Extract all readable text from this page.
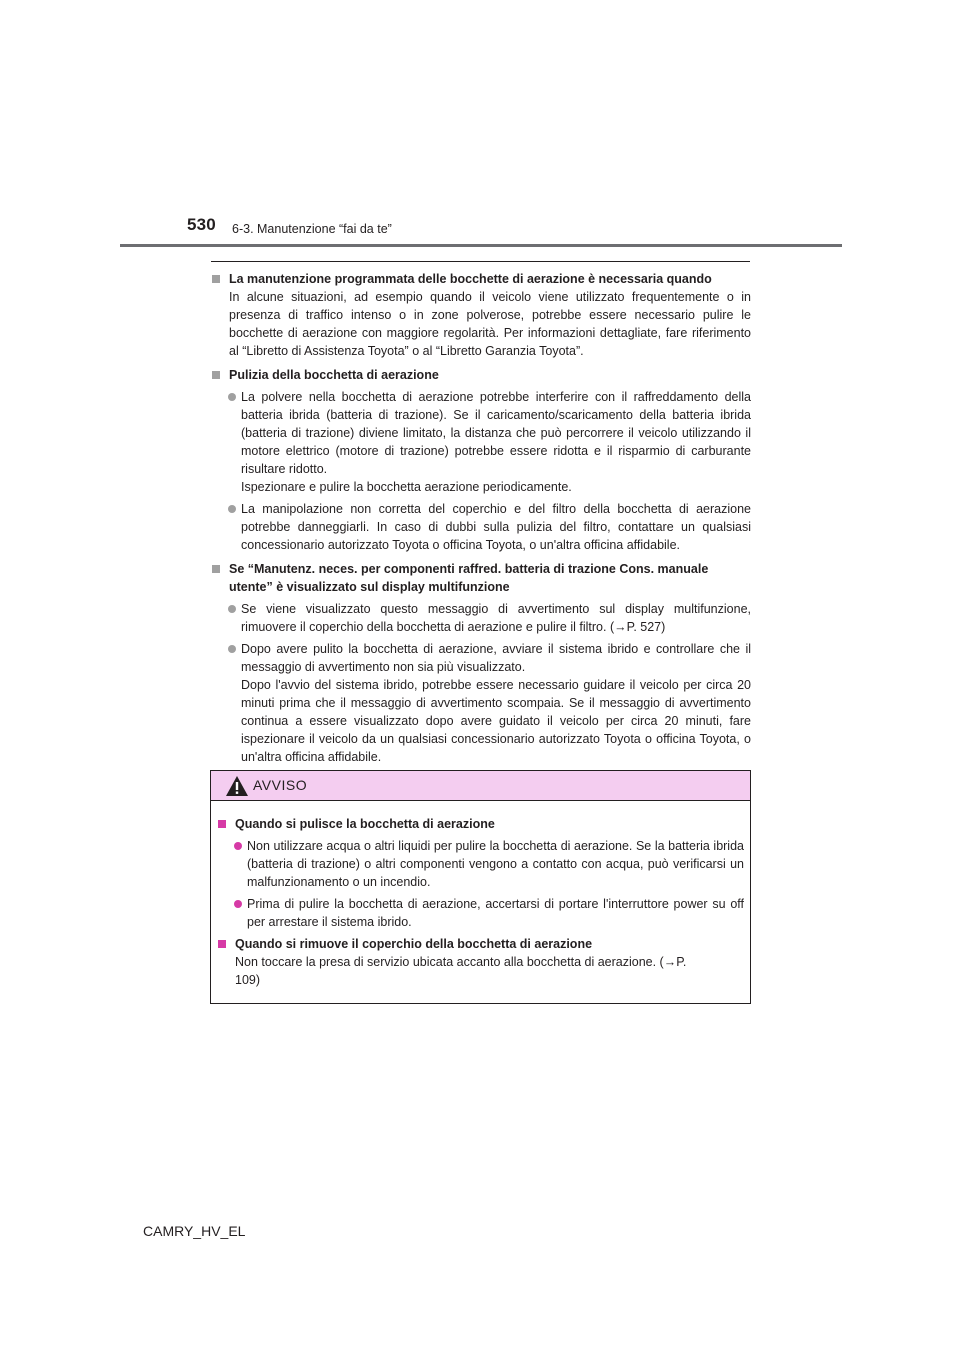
530 6-3. Manutenzione “fai da te”
La manutenzione programmata delle bocchette di aerazione è necessaria quando
In alcune situazioni, ad esempio quando il veicolo viene utilizzato frequentemente o in presenza di traffico intenso o in zone polverose, potrebbe essere necessario pulire le bocchette di aerazione con maggiore regolarità. Per informazioni dettagliate, fare riferimento al “Libretto di Assistenza Toyota” o al “Libretto Garanzia Toyota”.
Pulizia della bocchetta di aerazione
La polvere nella bocchetta di aerazione potrebbe interferire con il raffreddamento della batteria ibrida (batteria di trazione). Se il caricamento/scaricamento della batteria ibrida (batteria di trazione) diviene limitato, la distanza che può percorrere il veicolo utilizzando il motore elettrico (motore di trazione) potrebbe essere ridotta e il risparmio di carburante risultare ridotto.
Ispezionare e pulire la bocchetta aerazione periodicamente.
La manipolazione non corretta del coperchio e del filtro della bocchetta di aerazione potrebbe danneggiarli. In caso di dubbi sulla pulizia del filtro, contattare un qualsiasi concessionario autorizzato Toyota o officina Toyota, o un'altra officina affidabile.
Se “Manutenz. neces. per componenti raffred. batteria di trazione Cons. manuale utente” è visualizzato sul display multifunzione
Se viene visualizzato questo messaggio di avvertimento sul display multifunzione, rimuovere il coperchio della bocchetta di aerazione e pulire il filtro. (→P. 527)
Dopo avere pulito la bocchetta di aerazione, avviare il sistema ibrido e controllare che il messaggio di avvertimento non sia più visualizzato.
Dopo l'avvio del sistema ibrido, potrebbe essere necessario guidare il veicolo per circa 20 minuti prima che il messaggio di avvertimento scompaia. Se il messaggio di avvertimento continua a essere visualizzato dopo avere guidato il veicolo per circa 20 minuti, fare ispezionare il veicolo da un qualsiasi concessionario autorizzato Toyota o officina Toyota, o un'altra officina affidabile.
AVVISO
Quando si pulisce la bocchetta di aerazione
Non utilizzare acqua o altri liquidi per pulire la bocchetta di aerazione. Se la batteria ibrida (batteria di trazione) o altri componenti vengono a contatto con acqua, può verificarsi un malfunzionamento o un incendio.
Prima di pulire la bocchetta di aerazione, accertarsi di portare l'interruttore power su off per arrestare il sistema ibrido.
Quando si rimuove il coperchio della bocchetta di aerazione
Non toccare la presa di servizio ubicata accanto alla bocchetta di aerazione. (→P. 109)
CAMRY_HV_EL
